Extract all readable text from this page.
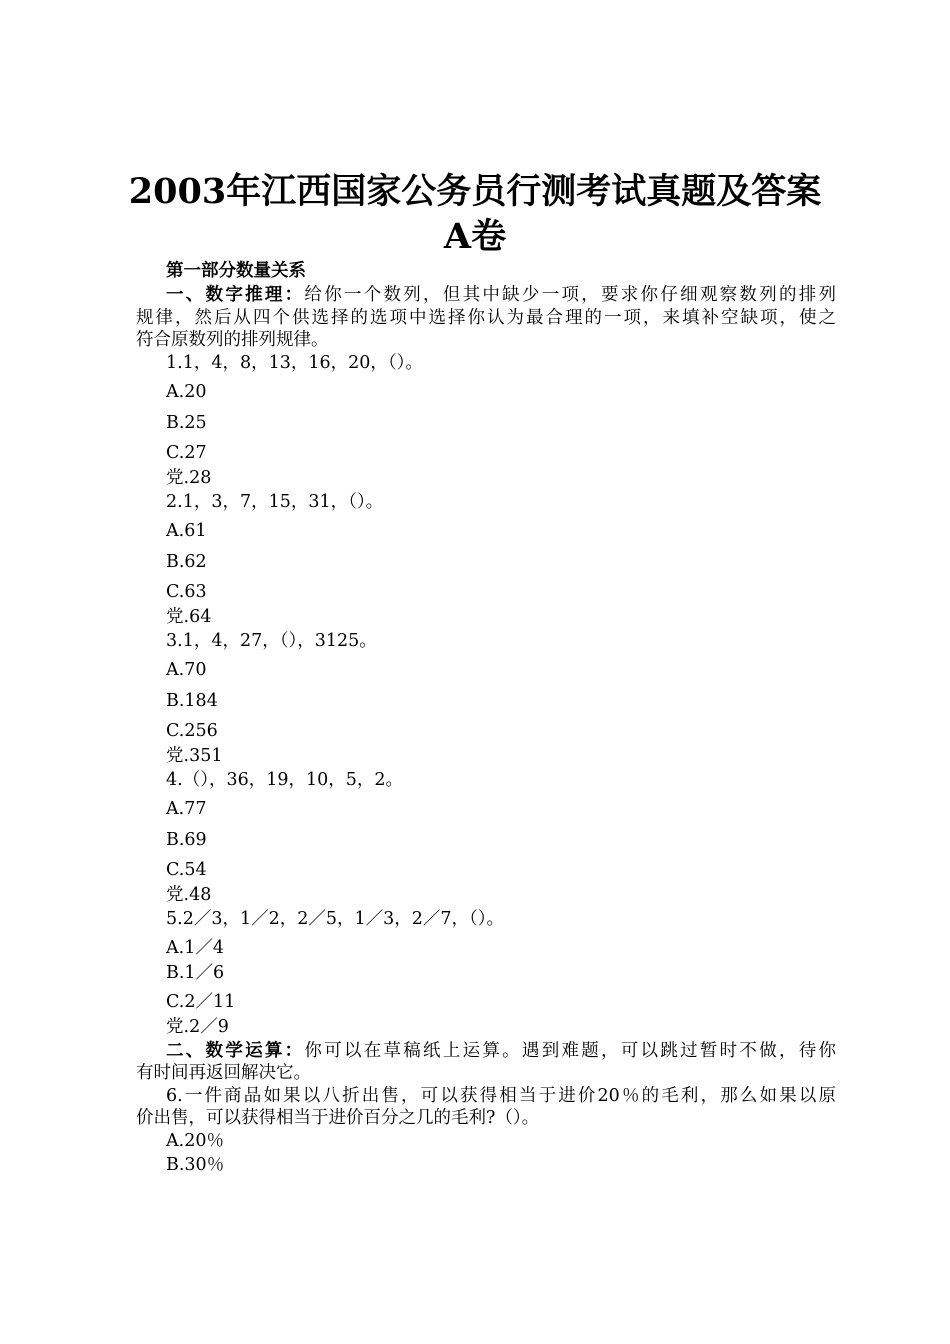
2003年江西国家公务员行测考试真题及答案
A卷
第一部分数量关系
一、数字推理：给你一个数列，但其中缺少一项，要求你仔细观察数列的排列
规律，然后从四个供选择的选项中选择你认为最合理的一项，来填补空缺项，使之
符合原数列的排列规律。
1.1，4，8，13，16，20，（）。
A.20
B.25
C.27
党.28
2.1，3，7，15，31，（）。
A.61
B.62
C.63
党.64
3.1，4，27，（），3125。
A.70
B.184
C.256
党.351
4.（），36，19，10，5，2。
A.77
B.69
C.54
党.48
5.2／3，1／2，2／5，1／3，2／7，（）。
A.1／4
B.1／6
C.2／11
党.2／9
二、数学运算：你可以在草稿纸上运算。遇到难题，可以跳过暂时不做，待你
有时间再返回解决它。
6.一件商品如果以八折出售，可以获得相当于进价20％的毛利，那么如果以原
价出售，可以获得相当于进价百分之几的毛利?（）。
A.20％
B.30％
